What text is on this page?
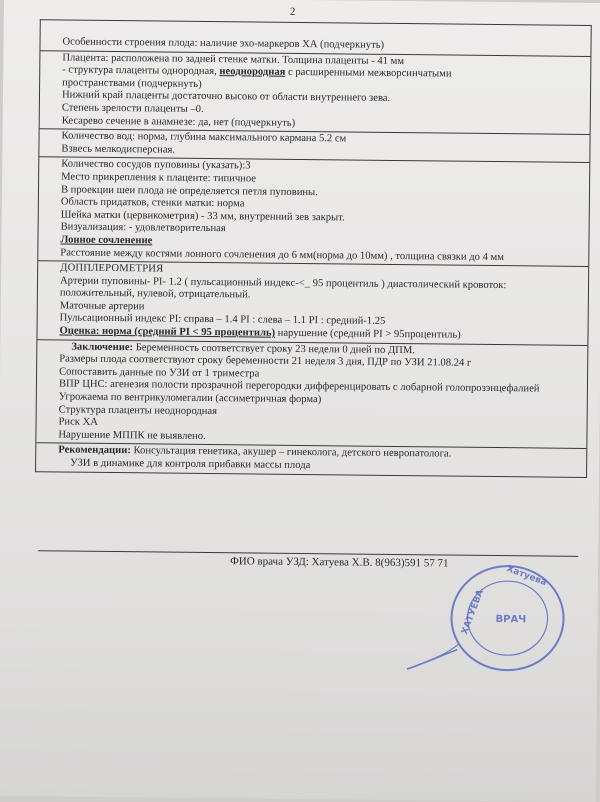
2
Особенности строения плода: наличие эхо-маркеров ХА (подчеркнуть)
Плацента: расположена по задней стенке матки. Толщина плаценты - 41 мм
- структура плаценты однородная, неоднородная с расширенными межворсинчатыми
пространствами (подчеркнуть)
Нижний край плаценты достаточно высоко от области внутреннего зева.
Степень зрелости плаценты –0.
Кесарево сечение в анамнезе: да, нет (подчеркнуть)
Количество вод: норма, глубина максимального кармана 5.2 см
Взвесь мелкодисперсная.
Количество сосудов пуповины (указать):3
Место прикрепления к плаценте: типичное
В проекции шеи плода не определяется петля пуповины.
Область придатков, стенки матки: норма
Шейка матки (цервикометрия) - 33 мм, внутренний зев закрыт.
Визуализация: - удовлетворительная
Лонное сочленение
Расстояние между костями лонного сочленения до 6 мм(норма до 10мм) , толщина связки до 4 мм
ДОППЛЕРОМЕТРИЯ
Артерии пуповины- PI- 1.2 ( пульсационный индекс-<_ 95 процентиль ) диастолический кровоток: положительный, нулевой, отрицательный.
Маточные артерии
Пульсационный индекс PI: справа – 1.4 PI : слева – 1.1 PI : средний-1.25
Оценка: норма (средний PI < 95 процентиль) нарушение (средний PI > 95процентиль)
Заключение: Беременность соответствует сроку 23 недели 0 дней по ДПМ.
Размеры плода соответствуют сроку беременности 21 неделя 3 дня, ПДР по УЗИ 21.08.24 г
Сопоставить данные по УЗИ от 1 триместра
ВПР ЦНС: агенезия полости прозрачной перегородки дифференцировать с лобарной голопрозэнцефалией
Угрожаема по вентрикуломегалии (ассиметричная форма)
Структура плаценты неоднородная
Риск ХА
Нарушение МППК не выявлено.
Рекомендации: Консультация генетика, акушер – гинеколога, детского невропатолога.
УЗИ в динамике для контроля прибавки массы плода
ФИО врача УЗД: Хатуева Х.В. 8(963)591 57 71
Хатуева
ХАТУЕВА ВРАЧ
